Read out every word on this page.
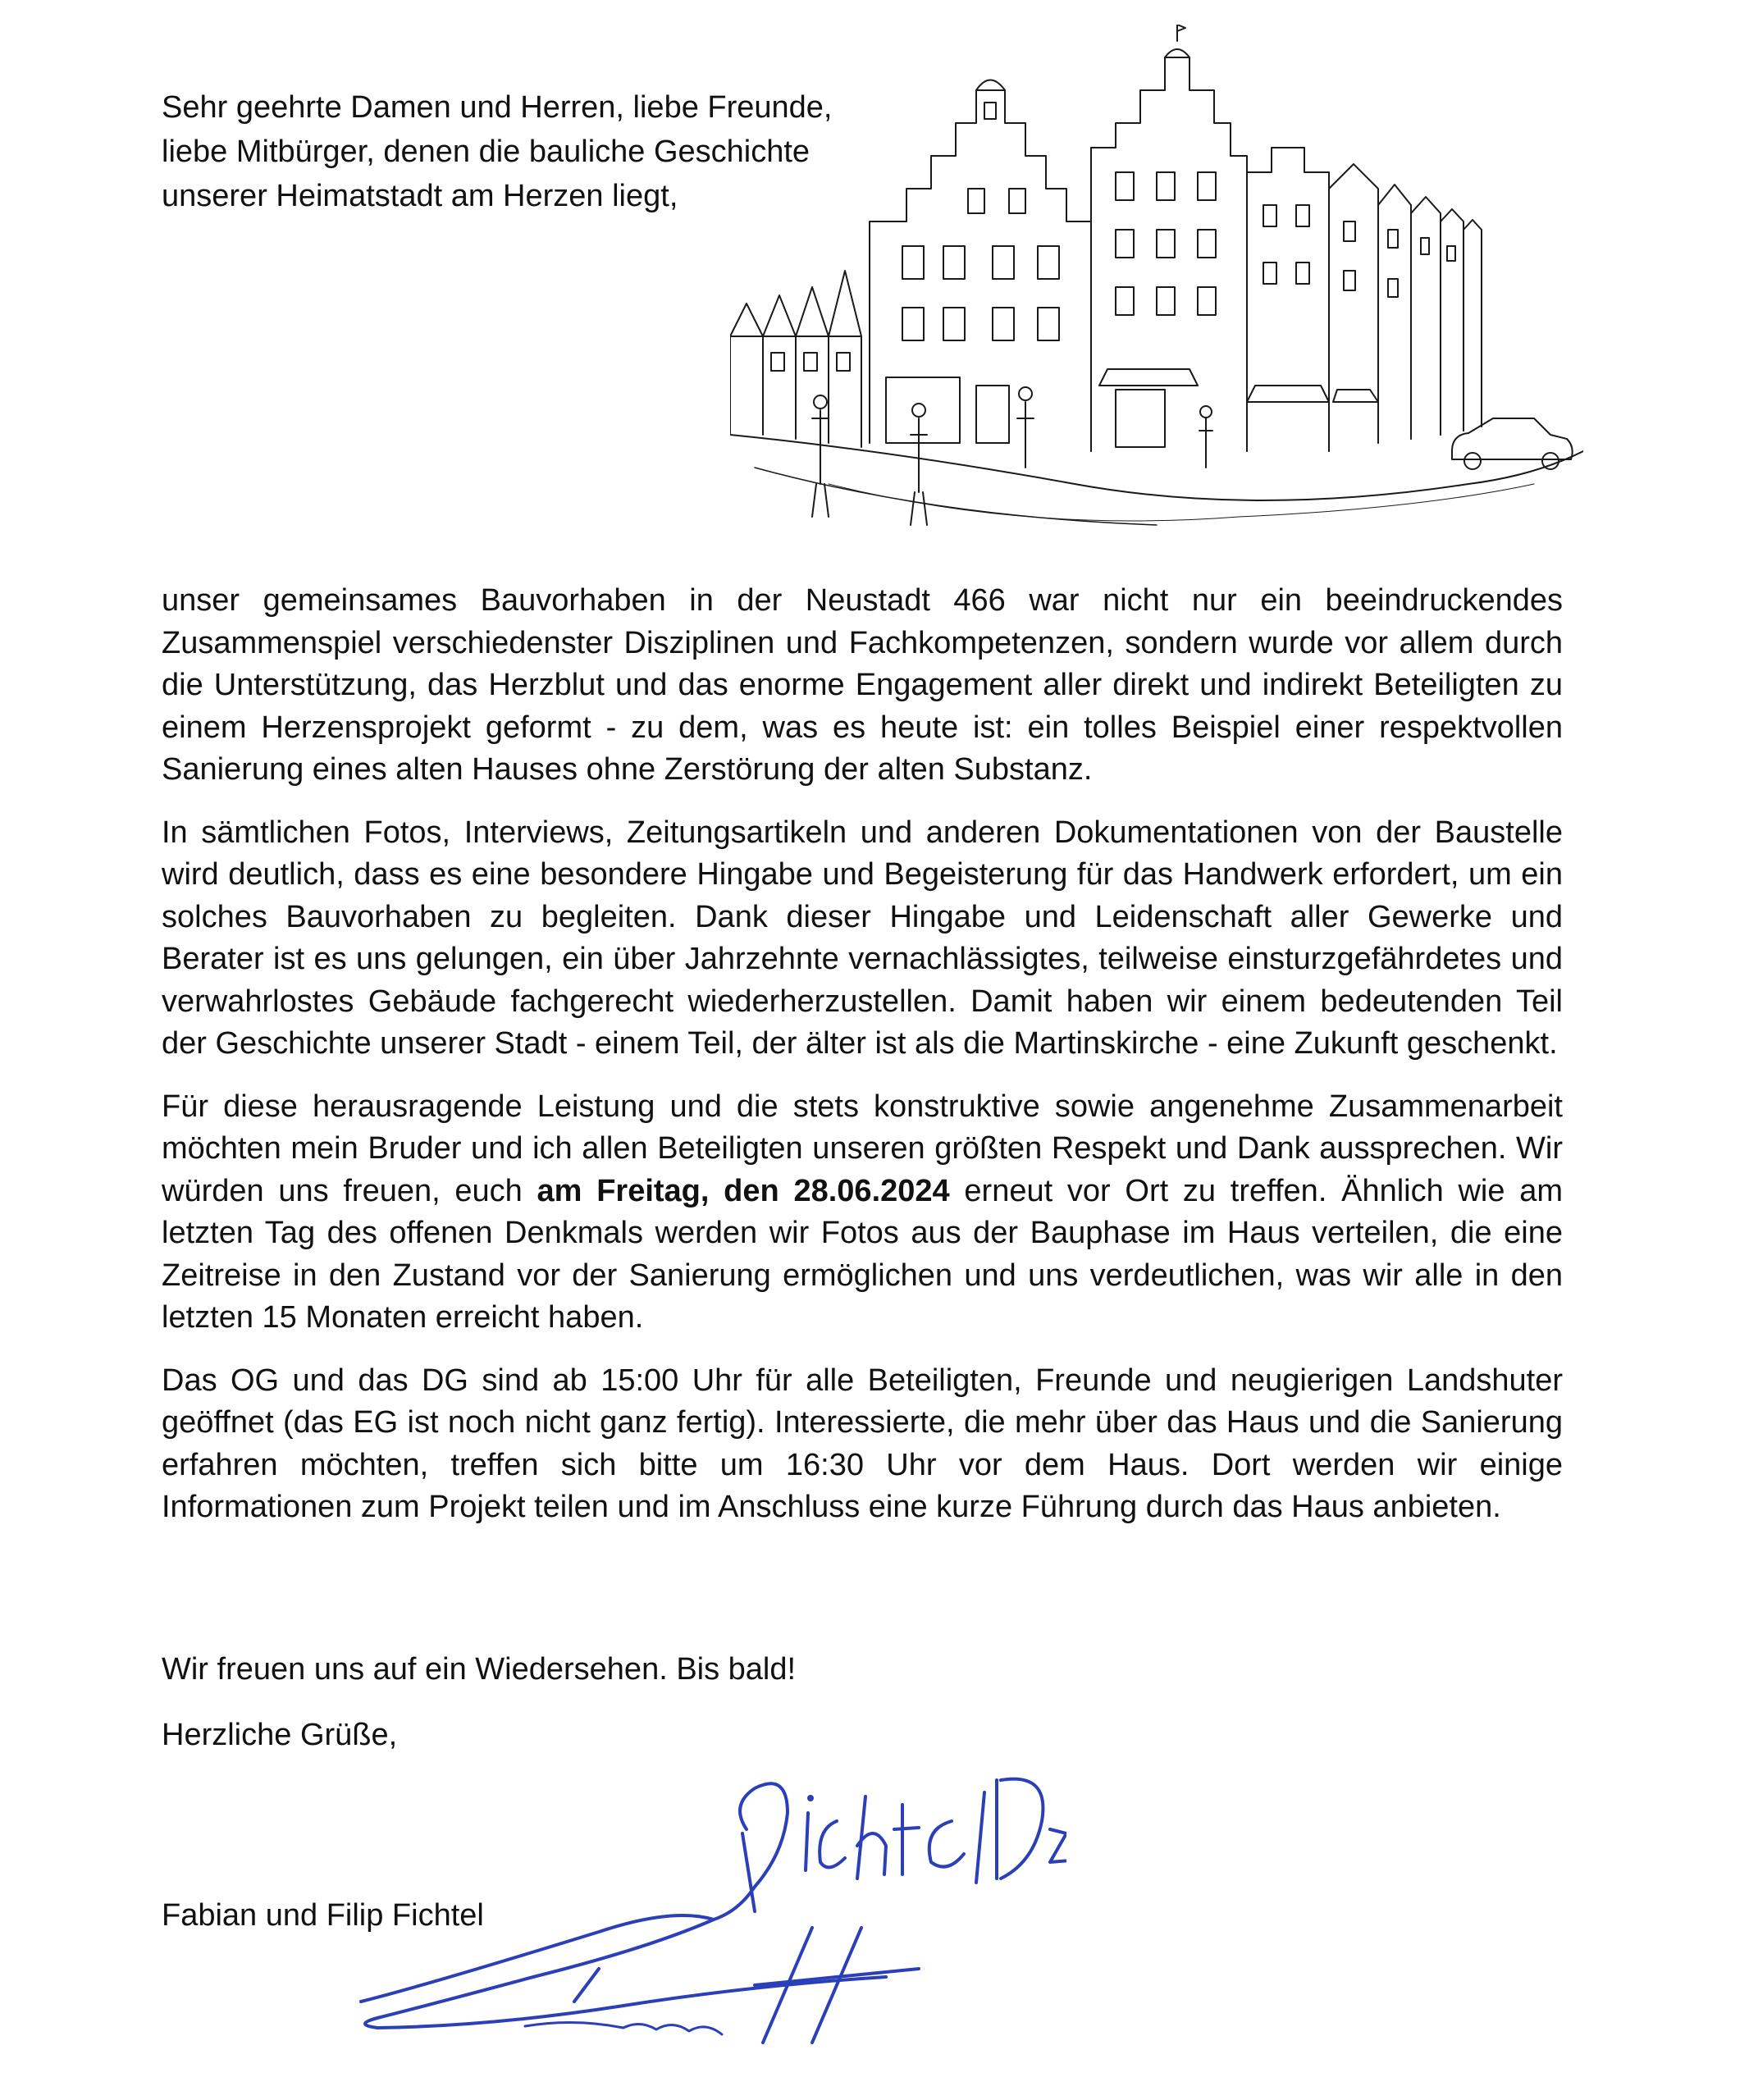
Sehr geehrte Damen und Herren, liebe Freunde,
liebe Mitbürger, denen die bauliche Geschichte
unserer Heimatstadt am Herzen liegt,

unser gemeinsames Bauvorhaben in der Neustadt 466 war nicht nur ein beeindruckendes Zusammenspiel verschiedenster Disziplinen und Fachkompetenzen, sondern wurde vor allem durch die Unterstützung, das Herzblut und das enorme Engagement aller direkt und indirekt Beteiligten zu einem Herzensprojekt geformt - zu dem, was es heute ist: ein tolles Beispiel einer respektvollen Sanierung eines alten Hauses ohne Zerstörung der alten Substanz.

In sämtlichen Fotos, Interviews, Zeitungsartikeln und anderen Dokumentationen von der Baustelle wird deutlich, dass es eine besondere Hingabe und Begeisterung für das Handwerk erfordert, um ein solches Bauvorhaben zu begleiten. Dank dieser Hingabe und Leidenschaft aller Gewerke und Berater ist es uns gelungen, ein über Jahrzehnte vernachlässigtes, teilweise einsturzgefährdetes und verwahrlostes Gebäude fachgerecht wiederherzustellen. Damit haben wir einem bedeutenden Teil der Geschichte unserer Stadt - einem Teil, der älter ist als die Martinskirche - eine Zukunft geschenkt.

Für diese herausragende Leistung und die stets konstruktive sowie angenehme Zusammenarbeit möchten mein Bruder und ich allen Beteiligten unseren größten Respekt und Dank aussprechen. Wir würden uns freuen, euch am Freitag, den 28.06.2024 erneut vor Ort zu treffen. Ähnlich wie am letzten Tag des offenen Denkmals werden wir Fotos aus der Bauphase im Haus verteilen, die eine Zeitreise in den Zustand vor der Sanierung ermöglichen und uns verdeutlichen, was wir alle in den letzten 15 Monaten erreicht haben.

Das OG und das DG sind ab 15:00 Uhr für alle Beteiligten, Freunde und neugierigen Landshuter geöffnet (das EG ist noch nicht ganz fertig). Interessierte, die mehr über das Haus und die Sanierung erfahren möchten, treffen sich bitte um 16:30 Uhr vor dem Haus. Dort werden wir einige Informationen zum Projekt teilen und im Anschluss eine kurze Führung durch das Haus anbieten.

Wir freuen uns auf ein Wiedersehen. Bis bald!

Herzliche Grüße,

Fabian und Filip Fichtel
